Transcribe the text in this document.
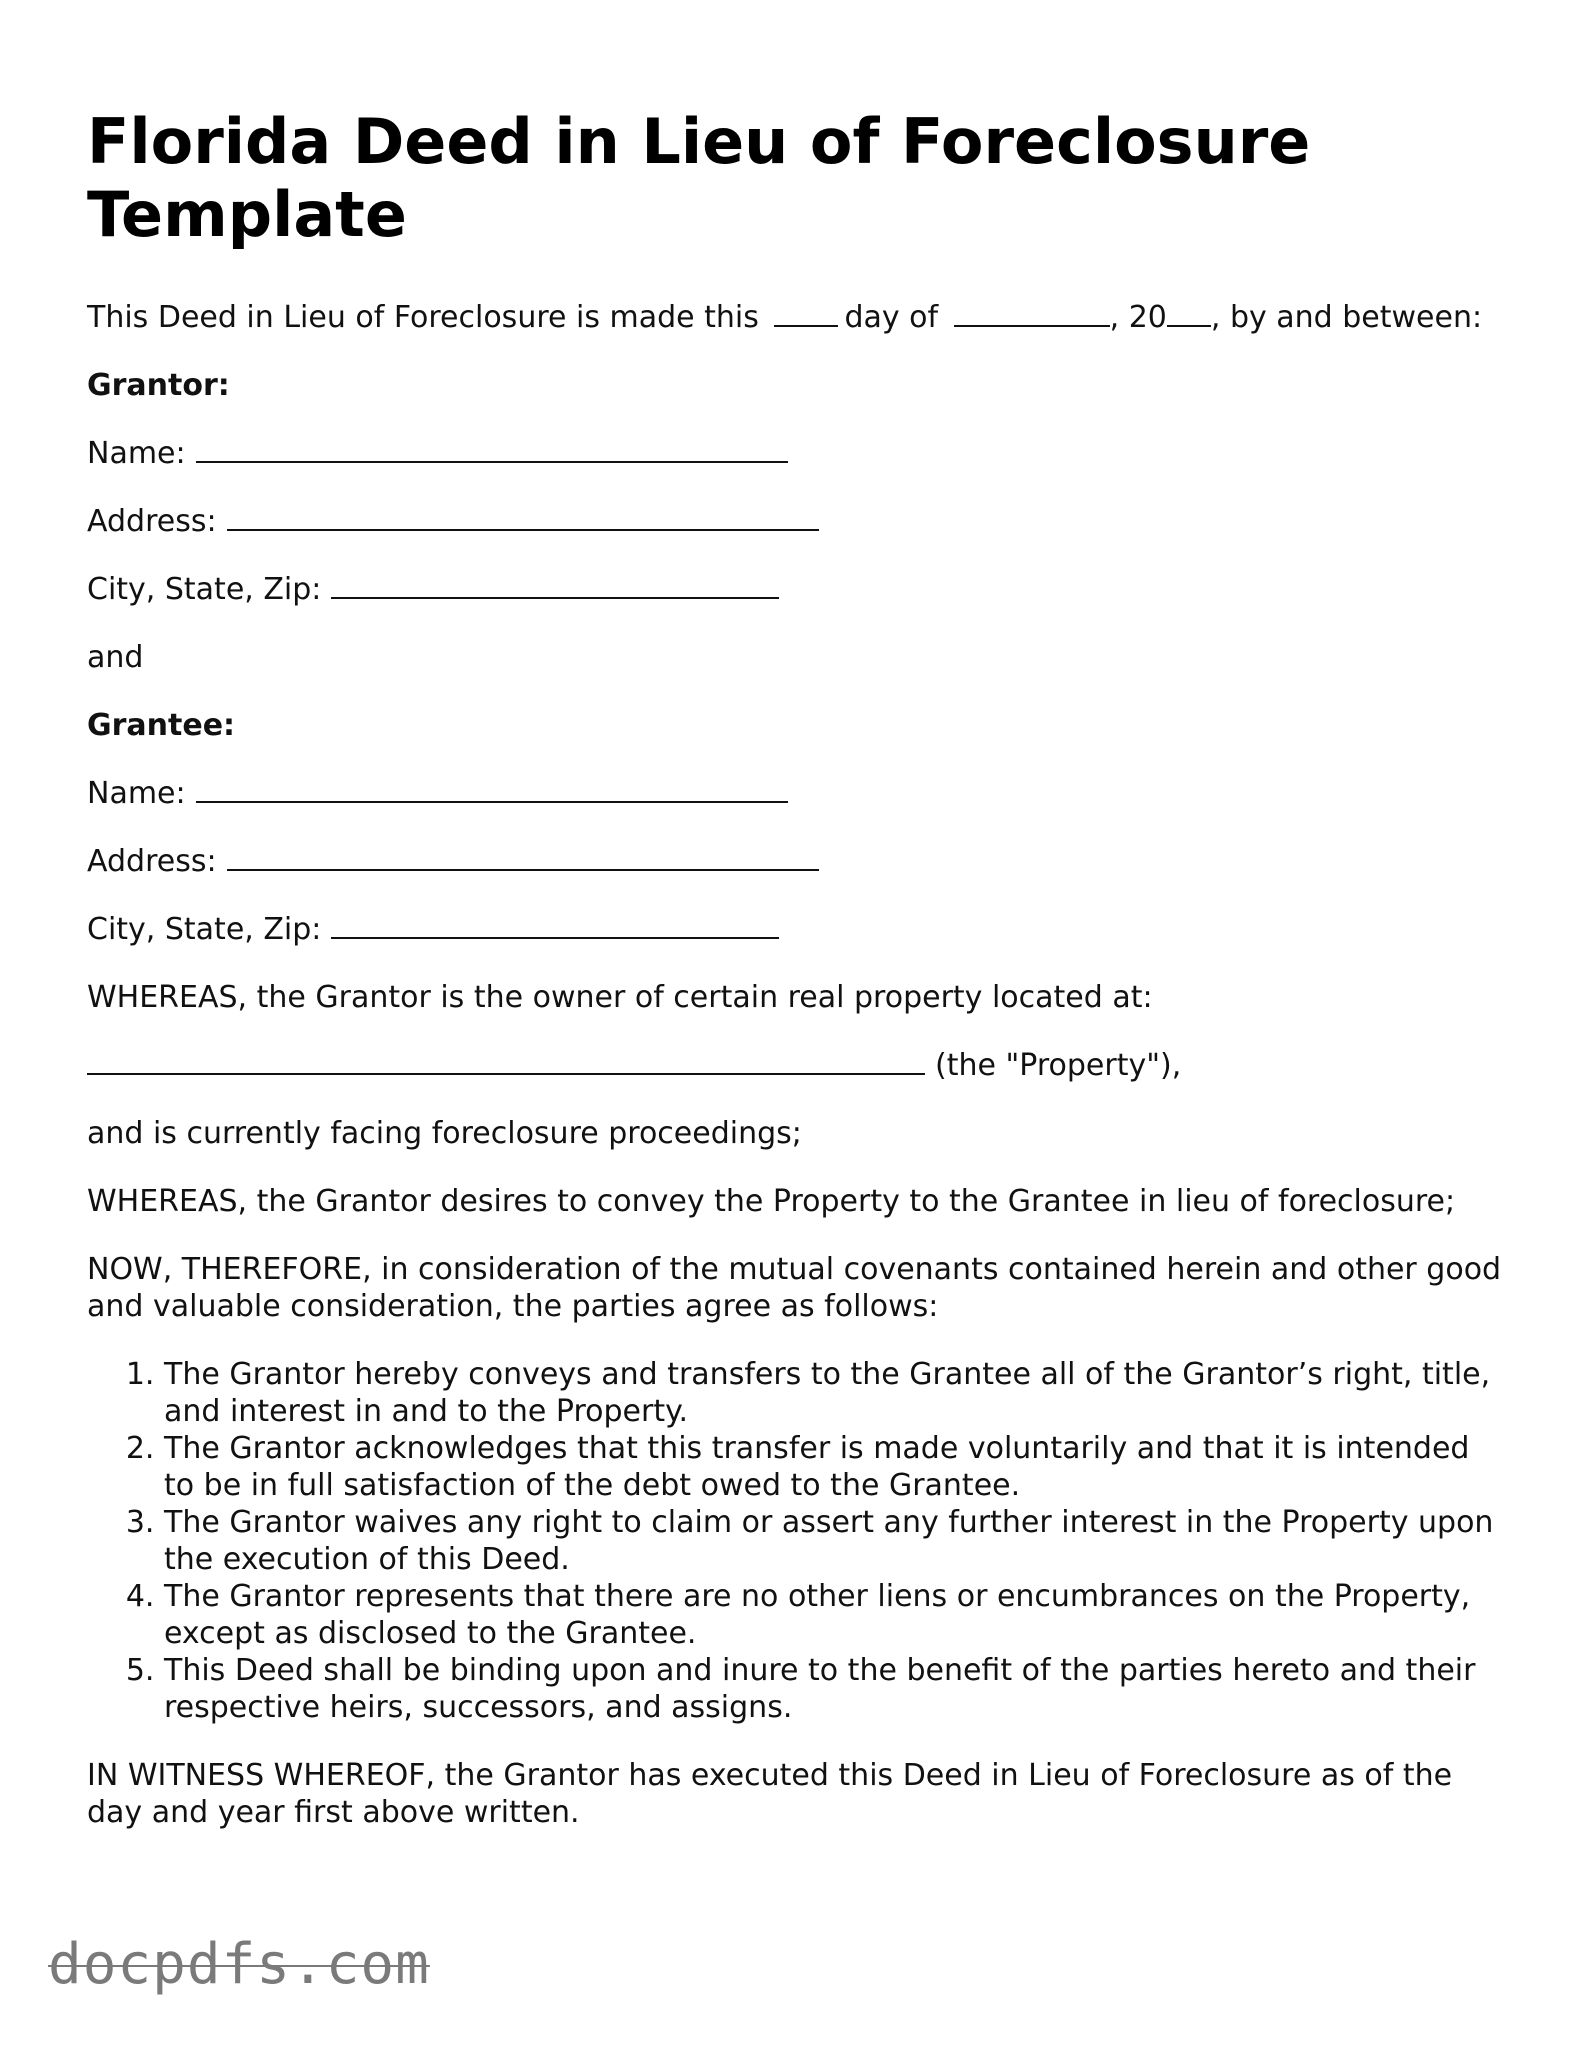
Florida Deed in Lieu of Foreclosure Template

This Deed in Lieu of Foreclosure is made this	day of	, 20 , by and between:

Grantor:

Name:
Address:
City, State, Zip:

and

Grantee:

Name:
Address:
City, State, Zip:

WHEREAS, the Grantor is the owner of certain real property located at:

(the "Property"),

and is currently facing foreclosure proceedings;

WHEREAS, the Grantor desires to convey the Property to the Grantee in lieu of foreclosure;

NOW, THEREFORE, in consideration of the mutual covenants contained herein and other good and valuable consideration, the parties agree as follows:

1. The Grantor hereby conveys and transfers to the Grantee all of the Grantor’s right, title, and interest in and to the Property.
2. The Grantor acknowledges that this transfer is made voluntarily and that it is intended to be in full satisfaction of the debt owed to the Grantee.
3. The Grantor waives any right to claim or assert any further interest in the Property upon the execution of this Deed.
4. The Grantor represents that there are no other liens or encumbrances on the Property, except as disclosed to the Grantee.
5. This Deed shall be binding upon and inure to the benefit of the parties hereto and their respective heirs, successors, and assigns.

IN WITNESS WHEREOF, the Grantor has executed this Deed in Lieu of Foreclosure as of the day and year first above written.

docpdfs.com
